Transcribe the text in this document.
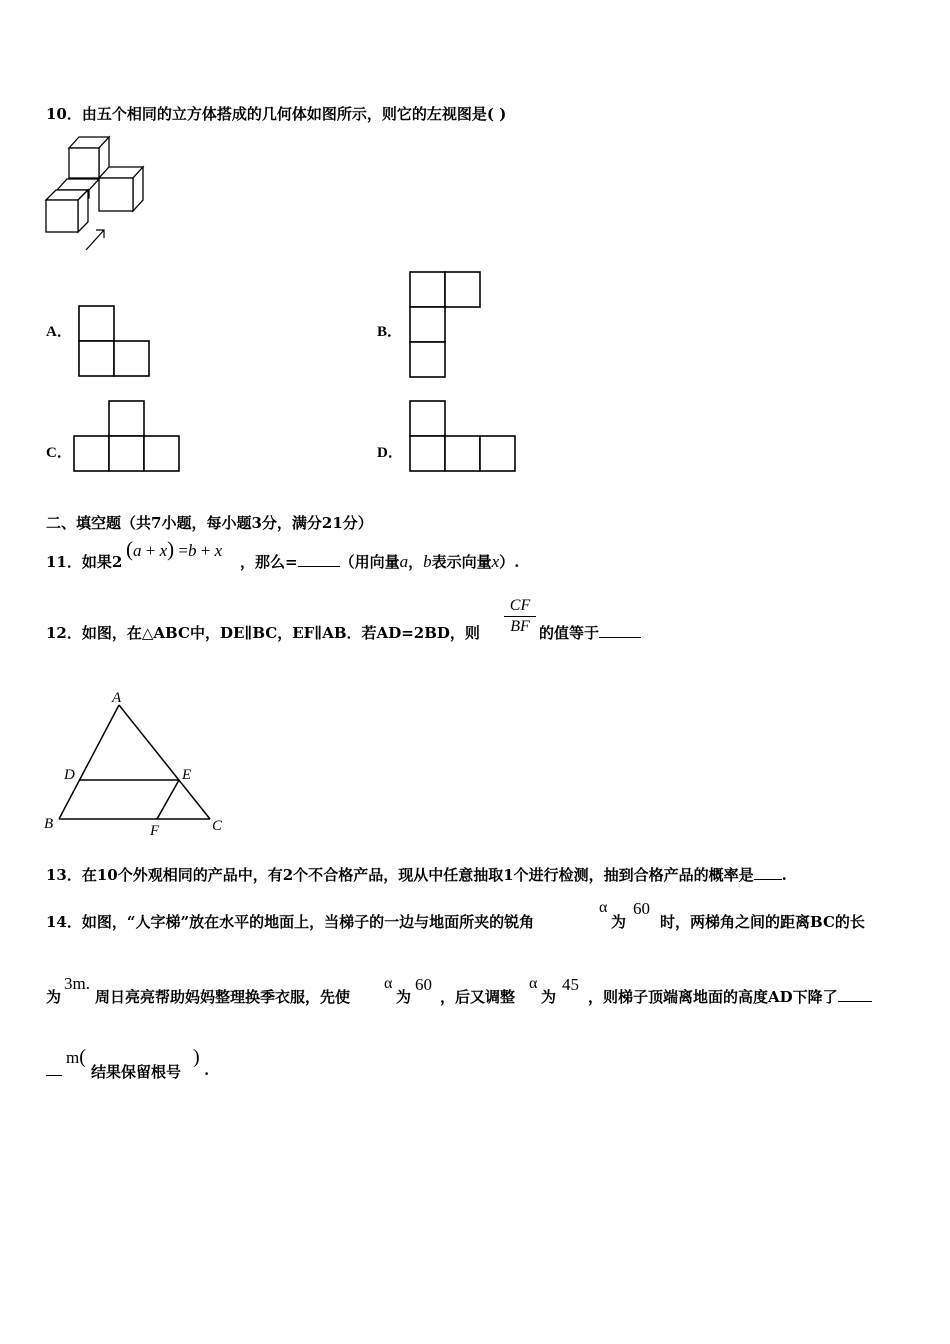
10．由五个相同的立方体搭成的几何体如图所示，则它的左视图是( )
A．	B．
C．	D．
二、填空题（共7小题，每小题3分，满分21分）
11．如果2
(a + x) =b + x
，那么=	（用向量a，b表示向量x）.
12．如图，在△ABC中，DE∥BC，EF∥AB．若AD=2BD，则
CF
BF 的值等于
A
D	E
B	F	C
13．在10个外观相同的产品中，有2个不合格产品，现从中任意抽取1个进行检测，抽到合格产品的概率是 .
14．如图，“人字梯”放在水平的地面上，当梯子的一边与地面所夹的锐角
α
为
60
时，两梯角之间的距离BC的长
为
3m.
周日亮亮帮助妈妈整理换季衣服，先使
α
为
60
，后又调整
α
为
45
，则梯子顶端离地面的高度AD下降了
m(
结果保留根号
)
.
